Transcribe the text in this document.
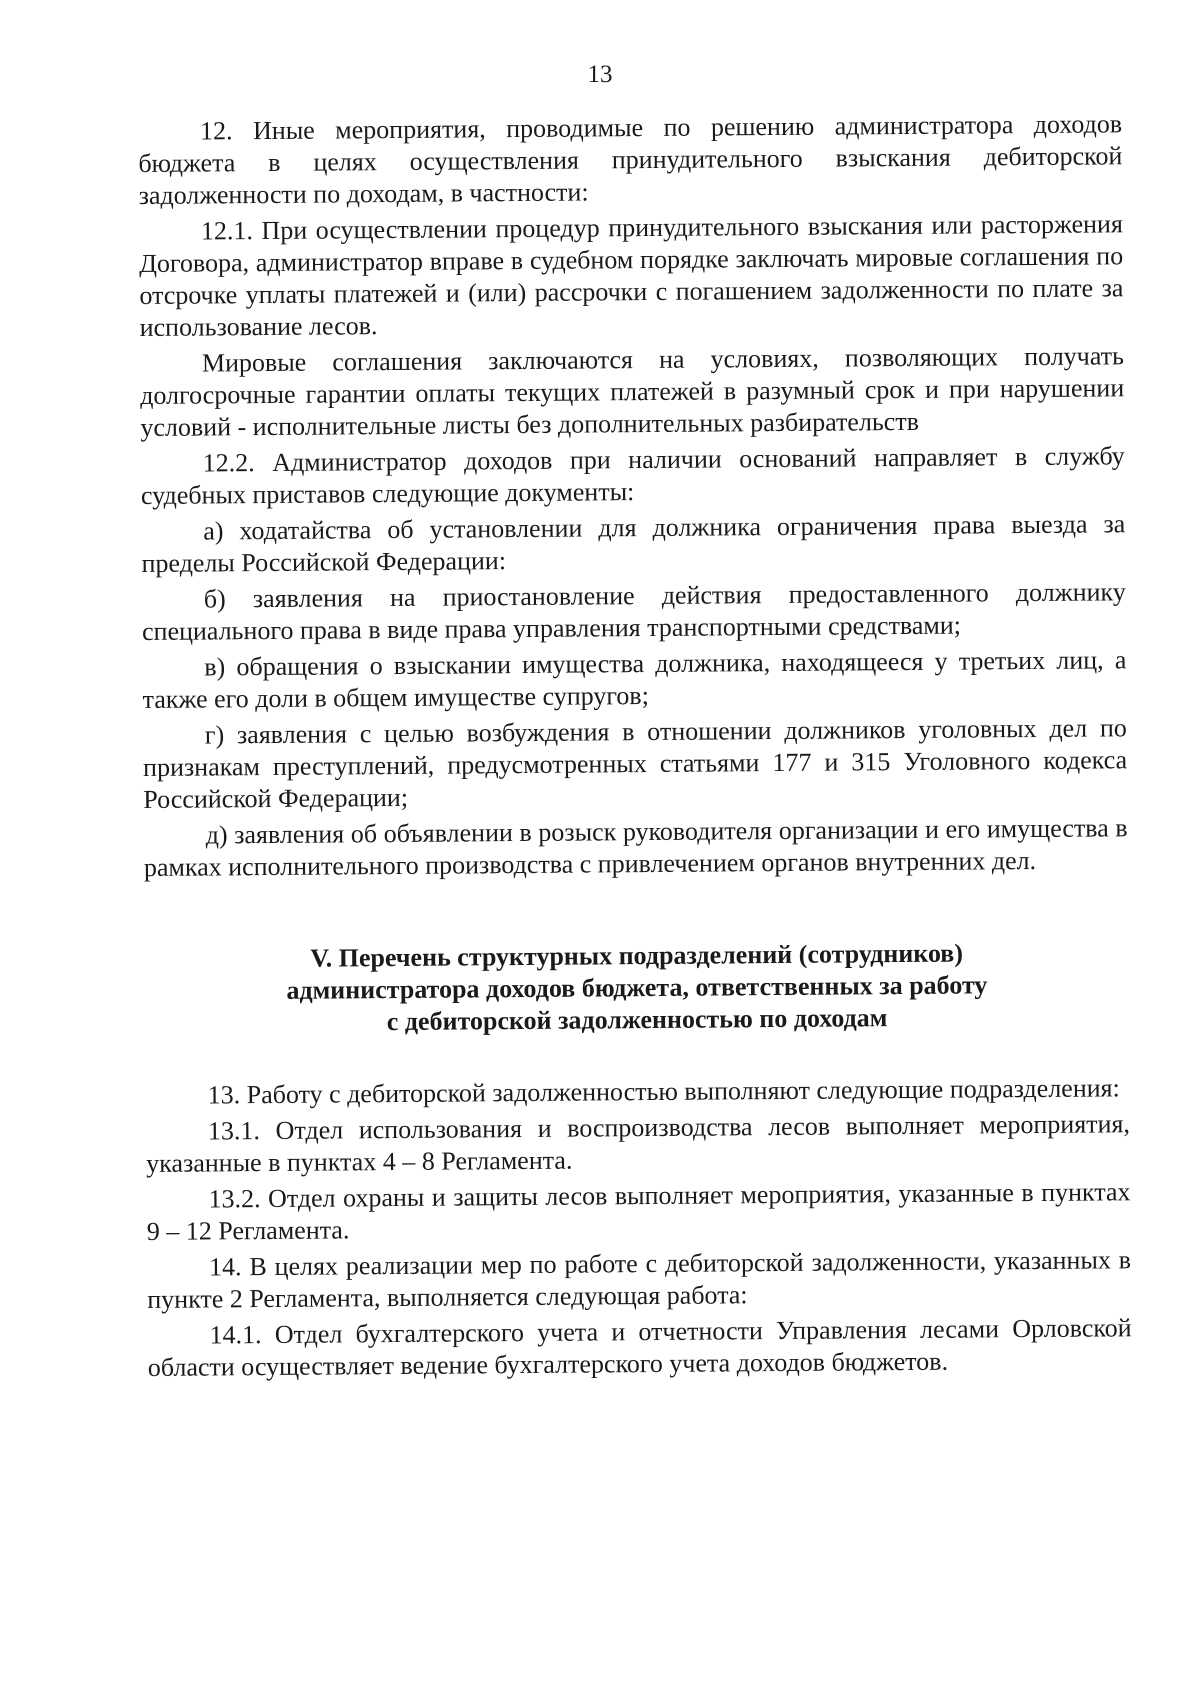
13

12. Иные мероприятия, проводимые по решению администратора доходов бюджета в целях осуществления принудительного взыскания дебиторской задолженности по доходам, в частности:

12.1. При осуществлении процедур принудительного взыскания или расторжения Договора, администратор вправе в судебном порядке заключать мировые соглашения по отсрочке уплаты платежей и (или) рассрочки с погашением задолженности по плате за использование лесов.

Мировые соглашения заключаются на условиях, позволяющих получать долгосрочные гарантии оплаты текущих платежей в разумный срок и при нарушении условий - исполнительные листы без дополнительных разбирательств

12.2. Администратор доходов при наличии оснований направляет в службу судебных приставов следующие документы:

а) ходатайства об установлении для должника ограничения права выезда за пределы Российской Федерации:

б) заявления на приостановление действия предоставленного должнику специального права в виде права управления транспортными средствами;

в) обращения о взыскании имущества должника, находящееся у третьих лиц, а также его доли в общем имуществе супругов;

г) заявления с целью возбуждения в отношении должников уголовных дел по признакам преступлений, предусмотренных статьями 177 и 315 Уголовного кодекса Российской Федерации;

д) заявления об объявлении в розыск руководителя организации и его имущества в рамках исполнительного производства с привлечением органов внутренних дел.

V. Перечень структурных подразделений (сотрудников)
администратора доходов бюджета, ответственных за работу
с дебиторской задолженностью по доходам

13. Работу с дебиторской задолженностью выполняют следующие подразделения:

13.1. Отдел использования и воспроизводства лесов выполняет мероприятия, указанные в пунктах 4 – 8 Регламента.

13.2. Отдел охраны и защиты лесов выполняет мероприятия, указанные в пунктах 9 – 12 Регламента.

14. В целях реализации мер по работе с дебиторской задолженности, указанных в пункте 2 Регламента, выполняется следующая работа:

14.1. Отдел бухгалтерского учета и отчетности Управления лесами Орловской области осуществляет ведение бухгалтерского учета доходов бюджетов.
